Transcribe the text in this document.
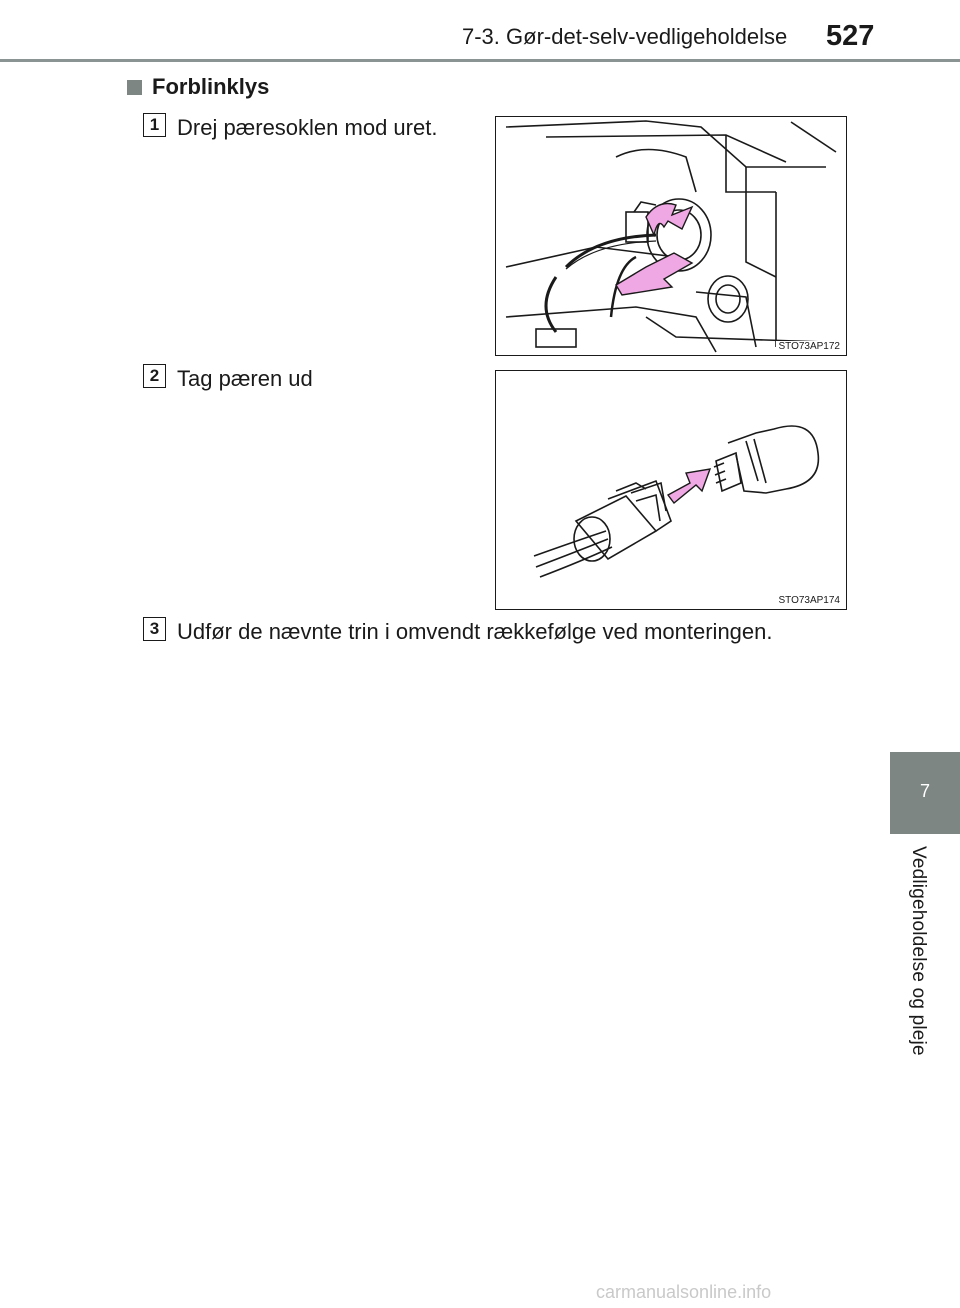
7-3. Gør-det-selv-vedligeholdelse 527
7
Vedligeholdelse og pleje
Forblinklys
1 Drej pæresoklen mod uret.
STO73AP172
2 Tag pæren ud
STO73AP174
3 Udfør de nævnte trin i omvendt rækkefølge ved monteringen.
carmanualsonline.info
